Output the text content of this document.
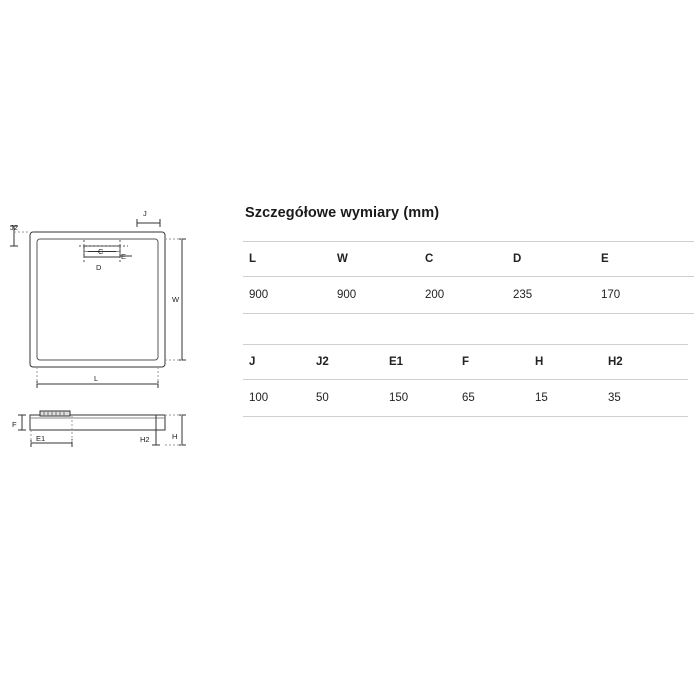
J2
J
C
E
D
W
L
F
E1	H2	H
Szczegółowe wymiary (mm)
L	W	C	D	E
900	900	200	235	170

J	J2	E1	F	H	H2
100	50	150	65	15	35
